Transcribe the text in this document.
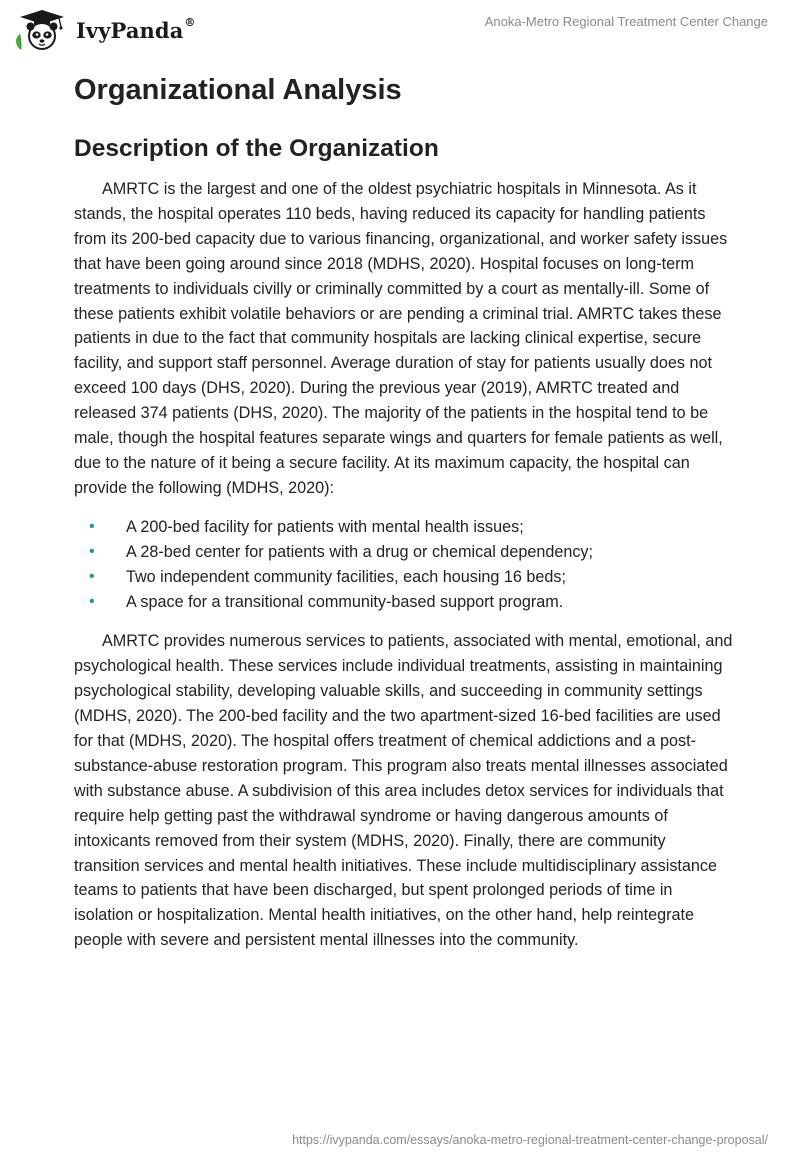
IvyPanda®	Anoka-Metro Regional Treatment Center Change
Organizational Analysis
Description of the Organization

AMRTC is the largest and one of the oldest psychiatric hospitals in Minnesota. As it stands, the hospital operates 110 beds, having reduced its capacity for handling patients from its 200-bed capacity due to various financing, organizational, and worker safety issues that have been going around since 2018 (MDHS, 2020). Hospital focuses on long-term treatments to individuals civilly or criminally committed by a court as mentally-ill. Some of these patients exhibit volatile behaviors or are pending a criminal trial. AMRTC takes these patients in due to the fact that community hospitals are lacking clinical expertise, secure facility, and support staff personnel. Average duration of stay for patients usually does not exceed 100 days (DHS, 2020). During the previous year (2019), AMRTC treated and released 374 patients (DHS, 2020). The majority of the patients in the hospital tend to be male, though the hospital features separate wings and quarters for female patients as well, due to the nature of it being a secure facility. At its maximum capacity, the hospital can provide the following (MDHS, 2020):

• A 200-bed facility for patients with mental health issues;
• A 28-bed center for patients with a drug or chemical dependency;
• Two independent community facilities, each housing 16 beds;
• A space for a transitional community-based support program.

AMRTC provides numerous services to patients, associated with mental, emotional, and psychological health. These services include individual treatments, assisting in maintaining psychological stability, developing valuable skills, and succeeding in community settings (MDHS, 2020). The 200-bed facility and the two apartment-sized 16-bed facilities are used for that (MDHS, 2020). The hospital offers treatment of chemical addictions and a post-substance-abuse restoration program. This program also treats mental illnesses associated with substance abuse. A subdivision of this area includes detox services for individuals that require help getting past the withdrawal syndrome or having dangerous amounts of intoxicants removed from their system (MDHS, 2020). Finally, there are community transition services and mental health initiatives. These include multidisciplinary assistance teams to patients that have been discharged, but spent prolonged periods of time in isolation or hospitalization. Mental health initiatives, on the other hand, help reintegrate people with severe and persistent mental illnesses into the community.

https://ivypanda.com/essays/anoka-metro-regional-treatment-center-change-proposal/
